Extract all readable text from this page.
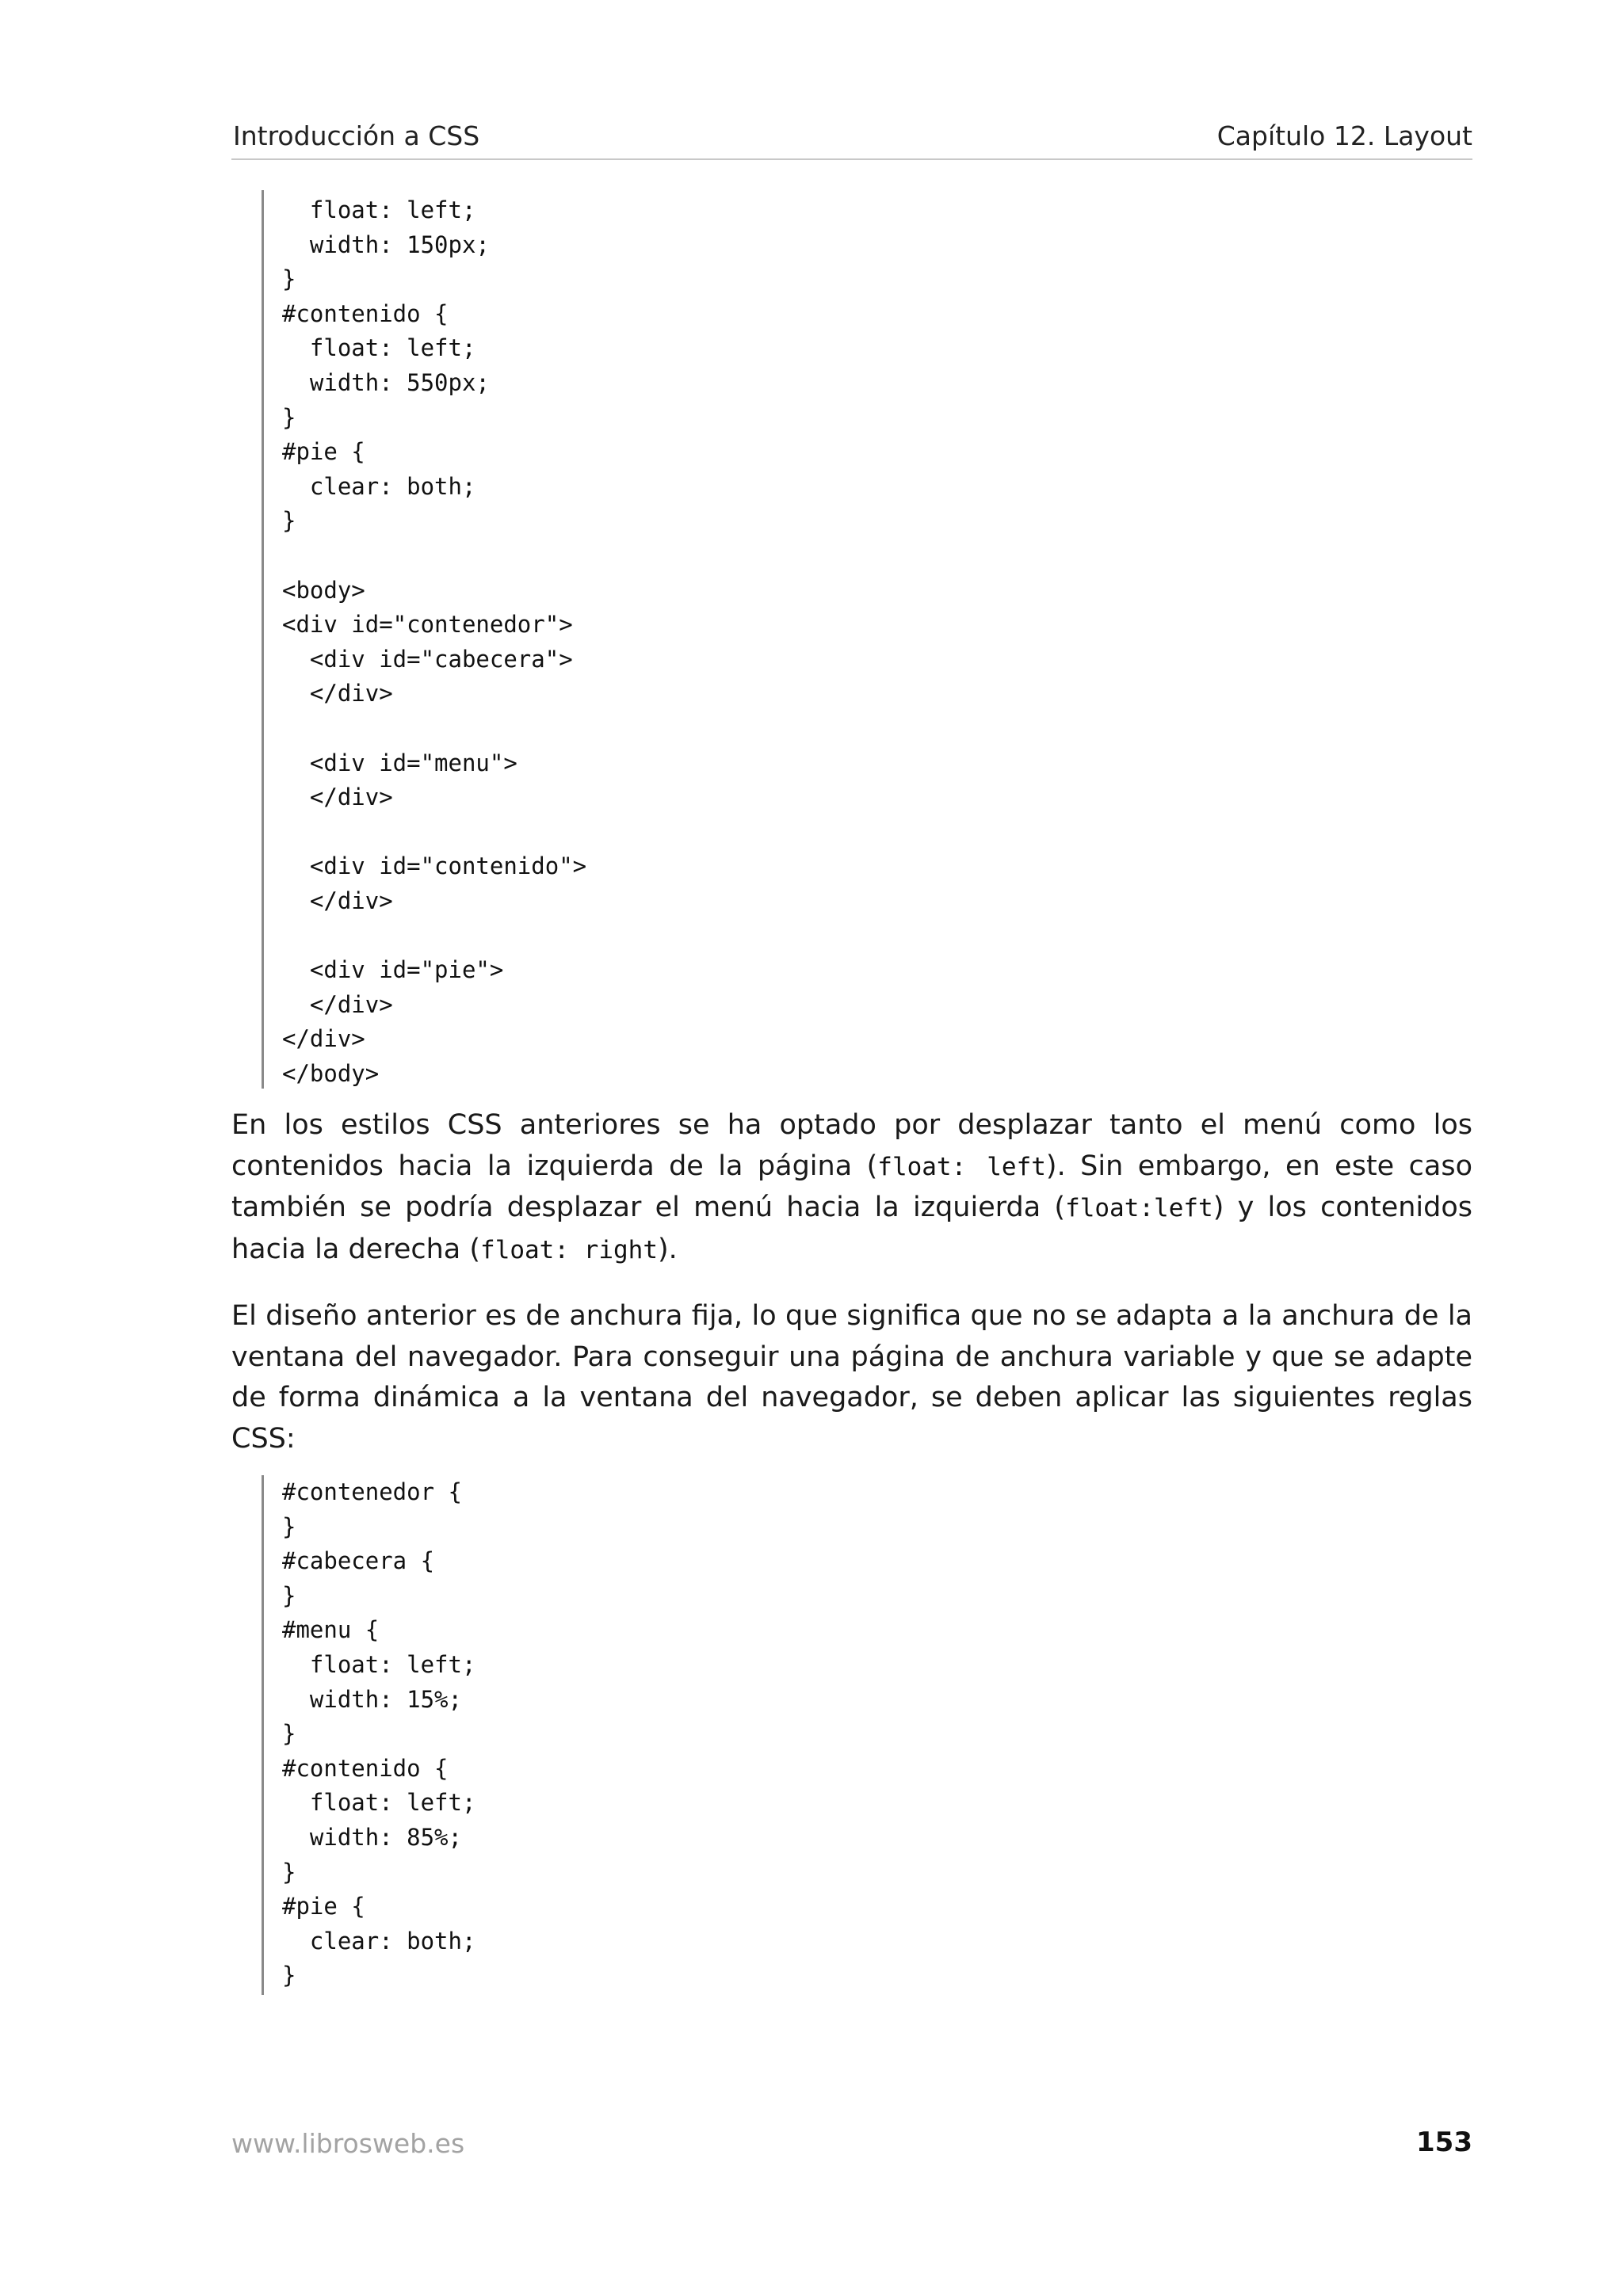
Introducción a CSS	Capítulo 12. Layout
float: left;
width: 150px;
}
#contenido {
float: left;
width: 550px;
}
#pie {
clear: both;
}

<body>
<div id="contenedor">
<div id="cabecera">
</div>

<div id="menu">
</div>

<div id="contenido">
</div>

<div id="pie">
</div>
</div>
</body>

En los estilos CSS anteriores se ha optado por desplazar tanto el menú como los contenidos hacia la izquierda de la página (float: left). Sin embargo, en este caso también se podría desplazar el menú hacia la izquierda (float:left) y los contenidos hacia la derecha (float: right).

El diseño anterior es de anchura fija, lo que significa que no se adapta a la anchura de la ventana del navegador. Para conseguir una página de anchura variable y que se adapte de forma dinámica a la ventana del navegador, se deben aplicar las siguientes reglas CSS:

#contenedor {
}
#cabecera {
}
#menu {
float: left;
width: 15%;
}
#contenido {
float: left;
width: 85%;
}
#pie {
clear: both;
}
www.librosweb.es	153
